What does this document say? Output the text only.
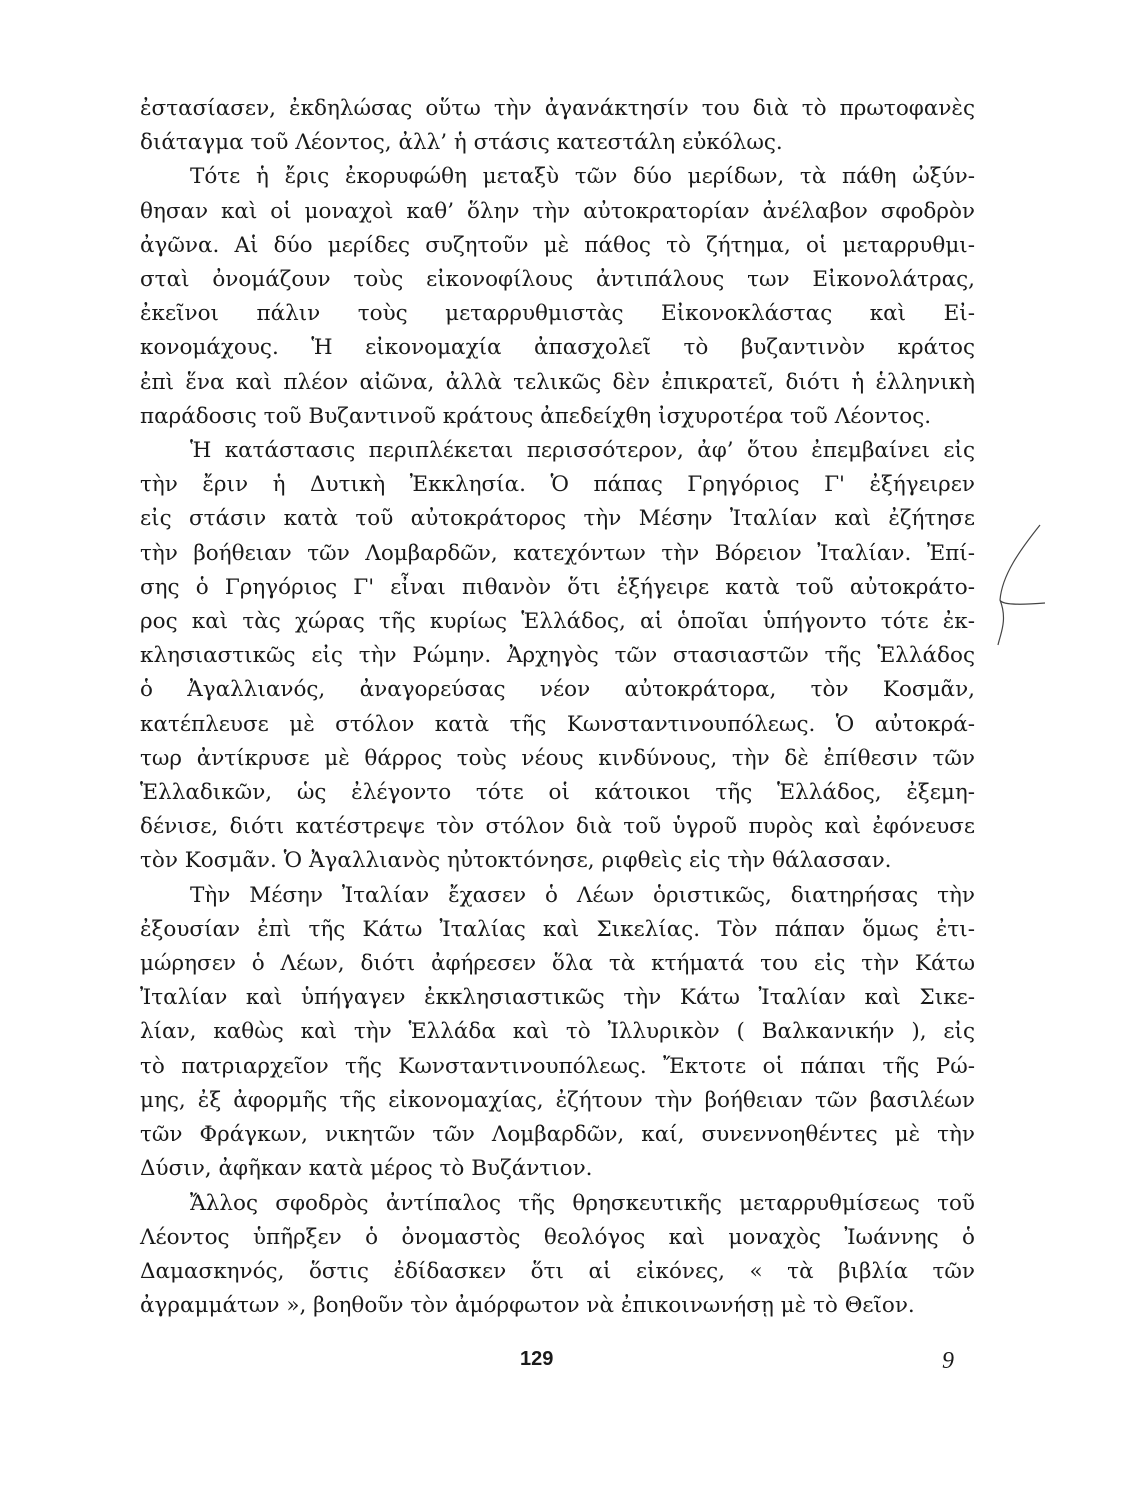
ἐστασίασεν, ἐκδηλώσας οὕτω τὴν ἀγανάκτησίν του διὰ τὸ πρωτοφανὲς
διάταγμα τοῦ Λέοντος, ἀλλ’ ἡ στάσις κατεστάλη εὐκόλως.
Τότε ἡ ἔρις ἐκορυφώθη μεταξὺ τῶν δύο μερίδων, τὰ πάθη ὠξύν-
θησαν καὶ οἱ μοναχοὶ καθ’ ὅλην τὴν αὐτοκρατορίαν ἀνέλαβον σφοδρὸν
ἀγῶνα. Αἱ δύο μερίδες συζητοῦν μὲ πάθος τὸ ζήτημα, οἱ μεταρρυθμι-
σταὶ ὀνομάζουν τοὺς εἰκονοφίλους ἀντιπάλους των Εἰκονολάτρας,
ἐκεῖνοι πάλιν τοὺς μεταρρυθμιστὰς Εἰκονοκλάστας καὶ Εἰ-
κονομάχους. Ἡ εἰκονομαχία ἀπασχολεῖ τὸ βυζαντινὸν κράτος
ἐπὶ ἕνα καὶ πλέον αἰῶνα, ἀλλὰ τελικῶς δὲν ἐπικρατεῖ, διότι ἡ ἑλληνικὴ
παράδοσις τοῦ Βυζαντινοῦ κράτους ἀπεδείχθη ἰσχυροτέρα τοῦ Λέοντος.
Ἡ κατάστασις περιπλέκεται περισσότερον, ἀφ’ ὅτου ἐπεμβαίνει εἰς
τὴν ἔριν ἡ Δυτικὴ Ἐκκλησία. Ὁ πάπας Γρηγόριος Γ' ἐξήγειρεν
εἰς στάσιν κατὰ τοῦ αὐτοκράτορος τὴν Μέσην Ἰταλίαν καὶ ἐζήτησε
τὴν βοήθειαν τῶν Λομβαρδῶν, κατεχόντων τὴν Βόρειον Ἰταλίαν. Ἐπί-
σης ὁ Γρηγόριος Γ' εἶναι πιθανὸν ὅτι ἐξήγειρε κατὰ τοῦ αὐτοκράτο-
ρος καὶ τὰς χώρας τῆς κυρίως Ἑλλάδος, αἱ ὁποῖαι ὑπήγοντο τότε ἐκ-
κλησιαστικῶς εἰς τὴν Ρώμην. Ἀρχηγὸς τῶν στασιαστῶν τῆς Ἑλλάδος
ὁ Ἀγαλλιανός, ἀναγορεύσας νέον αὐτοκράτορα, τὸν Κοσμᾶν,
κατέπλευσε μὲ στόλον κατὰ τῆς Κωνσταντινουπόλεως. Ὁ αὐτοκρά-
τωρ ἀντίκρυσε μὲ θάρρος τοὺς νέους κινδύνους, τὴν δὲ ἐπίθεσιν τῶν
Ἑλλαδικῶν, ὡς ἐλέγοντο τότε οἱ κάτοικοι τῆς Ἑλλάδος, ἐξεμη-
δένισε, διότι κατέστρεψε τὸν στόλον διὰ τοῦ ὑγροῦ πυρὸς καὶ ἐφόνευσε
τὸν Κοσμᾶν. Ὁ Ἀγαλλιανὸς ηὐτοκτόνησε, ριφθεὶς εἰς τὴν θάλασσαν.
Τὴν Μέσην Ἰταλίαν ἔχασεν ὁ Λέων ὁριστικῶς, διατηρήσας τὴν
ἐξουσίαν ἐπὶ τῆς Κάτω Ἰταλίας καὶ Σικελίας. Τὸν πάπαν ὅμως ἐτι-
μώρησεν ὁ Λέων, διότι ἀφήρεσεν ὅλα τὰ κτήματά του εἰς τὴν Κάτω
Ἰταλίαν καὶ ὑπήγαγεν ἐκκλησιαστικῶς τὴν Κάτω Ἰταλίαν καὶ Σικε-
λίαν, καθὼς καὶ τὴν Ἑλλάδα καὶ τὸ Ἰλλυρικὸν ( Βαλκανικήν ), εἰς
τὸ πατριαρχεῖον τῆς Κωνσταντινουπόλεως. Ἔκτοτε οἱ πάπαι τῆς Ρώ-
μης, ἐξ ἀφορμῆς τῆς εἰκονομαχίας, ἐζήτουν τὴν βοήθειαν τῶν βασιλέων
τῶν Φράγκων, νικητῶν τῶν Λομβαρδῶν, καί, συνεννοηθέντες μὲ τὴν
Δύσιν, ἀφῆκαν κατὰ μέρος τὸ Βυζάντιον.
Ἄλλος σφοδρὸς ἀντίπαλος τῆς θρησκευτικῆς μεταρρυθμίσεως τοῦ
Λέοντος ὑπῆρξεν ὁ ὀνομαστὸς θεολόγος καὶ μοναχὸς Ἰωάννης ὁ
Δαμασκηνός, ὅστις ἐδίδασκεν ὅτι αἱ εἰκόνες, « τὰ βιβλία τῶν
ἀγραμμάτων », βοηθοῦν τὸν ἀμόρφωτον νὰ ἐπικοινωνήσῃ μὲ τὸ Θεῖον.
129	9
